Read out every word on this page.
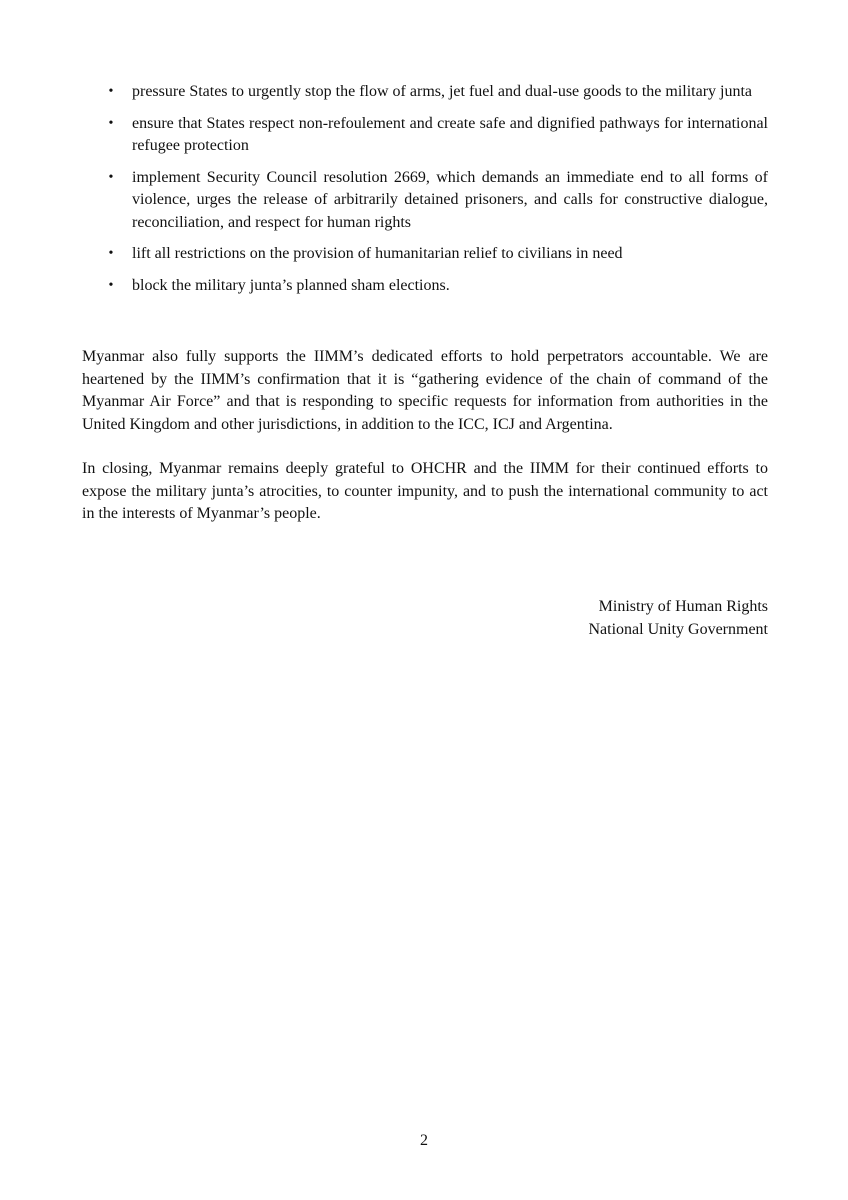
• pressure States to urgently stop the flow of arms, jet fuel and dual-use goods to the military junta
• ensure that States respect non-refoulement and create safe and dignified pathways for international refugee protection
• implement Security Council resolution 2669, which demands an immediate end to all forms of violence, urges the release of arbitrarily detained prisoners, and calls for constructive dialogue, reconciliation, and respect for human rights
• lift all restrictions on the provision of humanitarian relief to civilians in need
• block the military junta’s planned sham elections.

Myanmar also fully supports the IIMM’s dedicated efforts to hold perpetrators accountable. We are heartened by the IIMM’s confirmation that it is “gathering evidence of the chain of command of the Myanmar Air Force” and that is responding to specific requests for information from authorities in the United Kingdom and other jurisdictions, in addition to the ICC, ICJ and Argentina.

In closing, Myanmar remains deeply grateful to OHCHR and the IIMM for their continued efforts to expose the military junta’s atrocities, to counter impunity, and to push the international community to act in the interests of Myanmar’s people.

Ministry of Human Rights
National Unity Government
2
